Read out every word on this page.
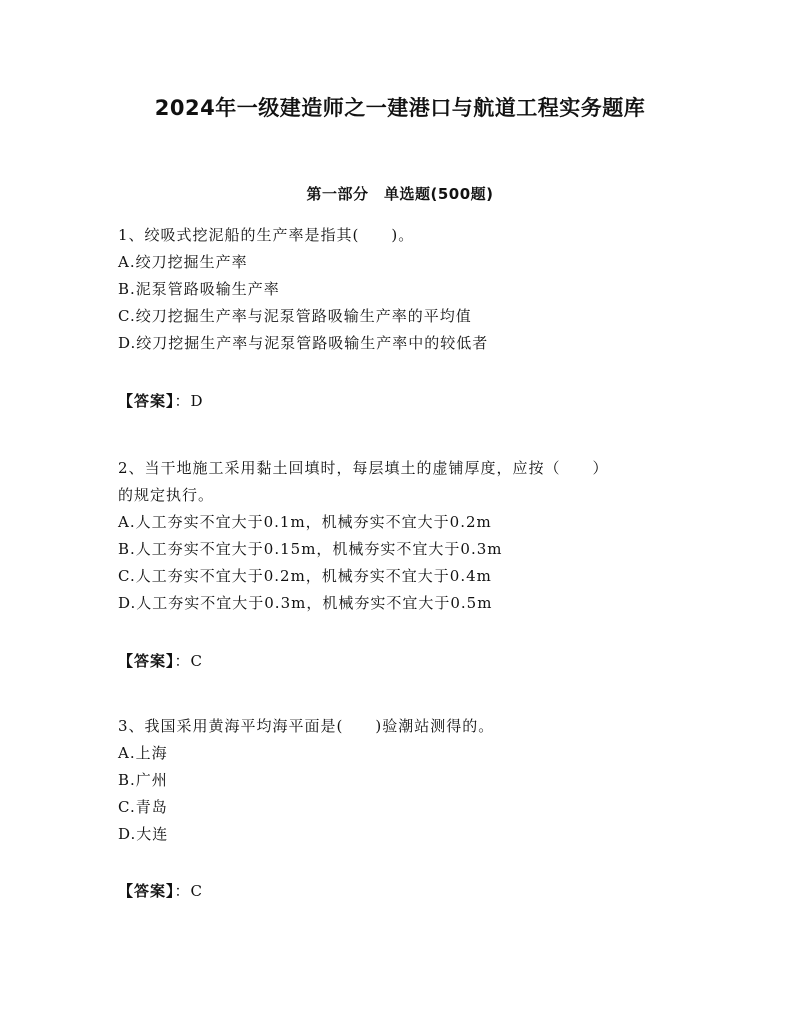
2024年一级建造师之一建港口与航道工程实务题库
第一部分　单选题(500题)
1、绞吸式挖泥船的生产率是指其(　　)。
A.绞刀挖掘生产率
B.泥泵管路吸输生产率
C.绞刀挖掘生产率与泥泵管路吸输生产率的平均值
D.绞刀挖掘生产率与泥泵管路吸输生产率中的较低者
【答案】：D
2、当干地施工采用黏土回填时，每层填土的虚铺厚度，应按（　　）
的规定执行。
A.人工夯实不宜大于0.1m，机械夯实不宜大于0.2m
B.人工夯实不宜大于0.15m，机械夯实不宜大于0.3m
C.人工夯实不宜大于0.2m，机械夯实不宜大于0.4m
D.人工夯实不宜大于0.3m，机械夯实不宜大于0.5m
【答案】：C
3、我国采用黄海平均海平面是(　　)验潮站测得的。
A.上海
B.广州
C.青岛
D.大连
【答案】：C
